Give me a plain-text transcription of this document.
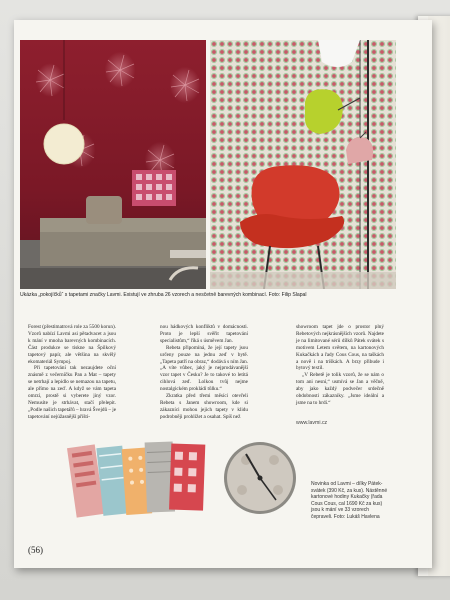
Ukázka „pokojíčků“ s tapetami značky Lavmi. Existují ve zhruba 26 vzorech a nesčetně barevných kombinací. Foto: Filip Slapal

Forest (přestimatrová role za 5500 korun). Vzorů nabízí Lavmi asi pětadvacet a jsou k mání v mnoha barevných kombinacích. Část produkce se tiskne na Špilkový tapetový papír, ale většina na skvělý ekomateriál Sympoj.

Při tapetování tak nezaujdete oční znásmě z večerníčku Pan a Mat – tapety se netrhají a lepidlo se nemazou na tapetu, ale přímo na zeď. A když se vám tapeta omrzí, prostě si vyberete jiný vzor. Nemusíte je strhávat, stačí přelepit. „Podle našich tapetářů – hravá Švejdů – je tapetování nejúžasnější příští-

nou hádkových konfliktů v domácnosti. Proto je lepší svěřit tapetování specialistům,“ říká s úsměvem Jan.

Rebeta připomíná, že její tapety jsou určeny pouze na jednu zeď v bytě. „Tapeta patří na obraz,“ dodává s ním Jan. „A víte vůbec, jaký je nejprodávanější vzor tapet v Česku? Je to takové to letitá cihlová zeď. Lolkou tvůj nejme nostalgickém prokládí tůlku.“

Zkratka před třemi měsíci otevřeli Rebeta s Janem showroom, kde si zákazníci mohou jejich tapety v klidu podrobněji prohlížet a osahat. Spíš než

showroom tapet jde o prostor plný Rebetových nejkrásnějších vzorů. Najdete je na limitované sérii dílků Pátek svátek s motivem Letem světem, na kartonových Kukačkách a řady Cous Cous, na taškách a nově i na triškách. A brzy přibude i bytový textil.

„V Rebetě je tolik vzorů, že se nám o tom ani nesní,“ usmívá se Jan a věčně, aby jako každý podvečer srdečně obdobnosti zákazníky. „Jsme ideální a jsme na to hrdí.“

www.lavmi.cz
Novinka od Lavmi – dílky Pátek-svátek (390 Kč, za kus). Nástěnné kartonové hodiny Kukačky (řada Cous Cous, cal 1690 Kč za kus) jsou k mání ve 33 vzorech čepraveli. Foto: Lukáš Havlena
(56)
